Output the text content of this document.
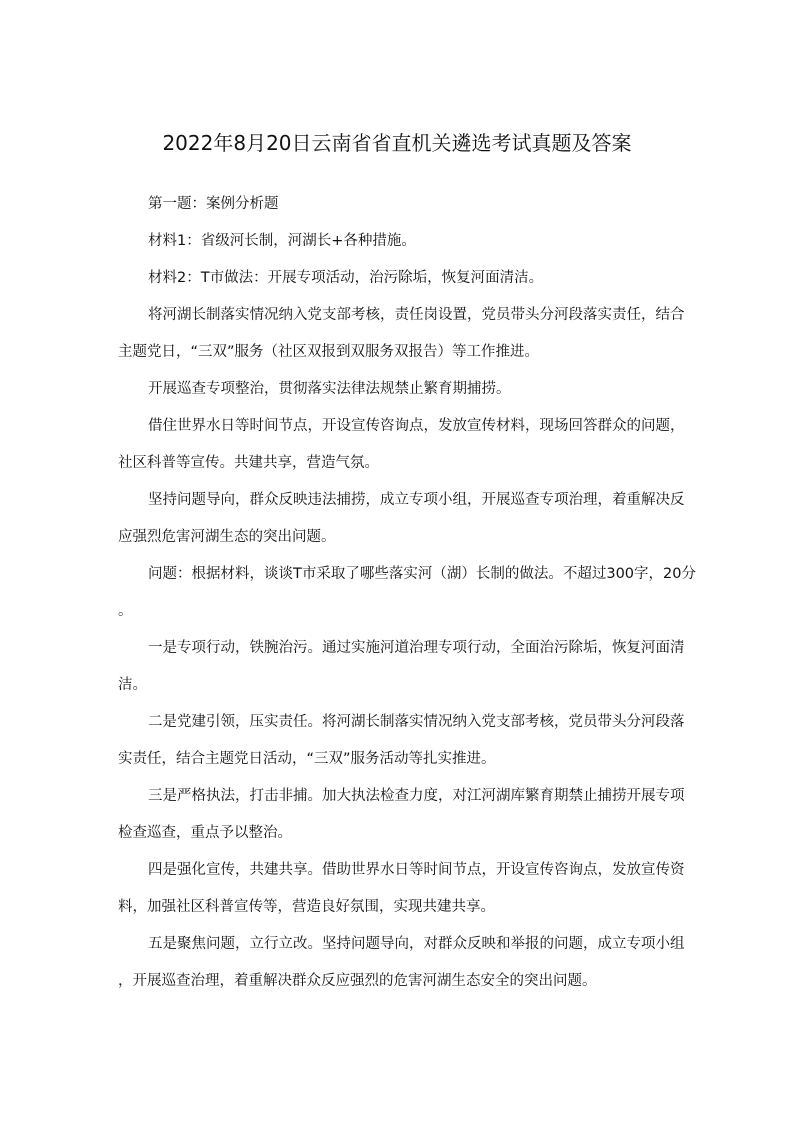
2022年8月20日云南省省直机关遴选考试真题及答案
第一题：案例分析题
材料1：省级河长制，河湖长+各种措施。
材料2：T市做法：开展专项活动，治污除垢，恢复河面清洁。
将河湖长制落实情况纳入党支部考核，责任岗设置，党员带头分河段落实责任，结合
主题党日，“三双”服务（社区双报到双服务双报告）等工作推进。
开展巡查专项整治，贯彻落实法律法规禁止繁育期捕捞。
借住世界水日等时间节点，开设宣传咨询点，发放宣传材料，现场回答群众的问题，
社区科普等宣传。共建共享，营造气氛。
坚持问题导向，群众反映违法捕捞，成立专项小组，开展巡查专项治理，着重解决反
应强烈危害河湖生态的突出问题。
问题：根据材料，谈谈T市采取了哪些落实河（湖）长制的做法。不超过300字，20分
。
一是专项行动，铁腕治污。通过实施河道治理专项行动，全面治污除垢，恢复河面清
洁。
二是党建引领，压实责任。将河湖长制落实情况纳入党支部考核，党员带头分河段落
实责任，结合主题党日活动，“三双”服务活动等扎实推进。
三是严格执法，打击非捕。加大执法检查力度，对江河湖库繁育期禁止捕捞开展专项
检查巡查，重点予以整治。
四是强化宣传，共建共享。借助世界水日等时间节点，开设宣传咨询点，发放宣传资
料，加强社区科普宣传等，营造良好氛围，实现共建共享。
五是聚焦问题，立行立改。坚持问题导向，对群众反映和举报的问题，成立专项小组
，开展巡查治理，着重解决群众反应强烈的危害河湖生态安全的突出问题。
